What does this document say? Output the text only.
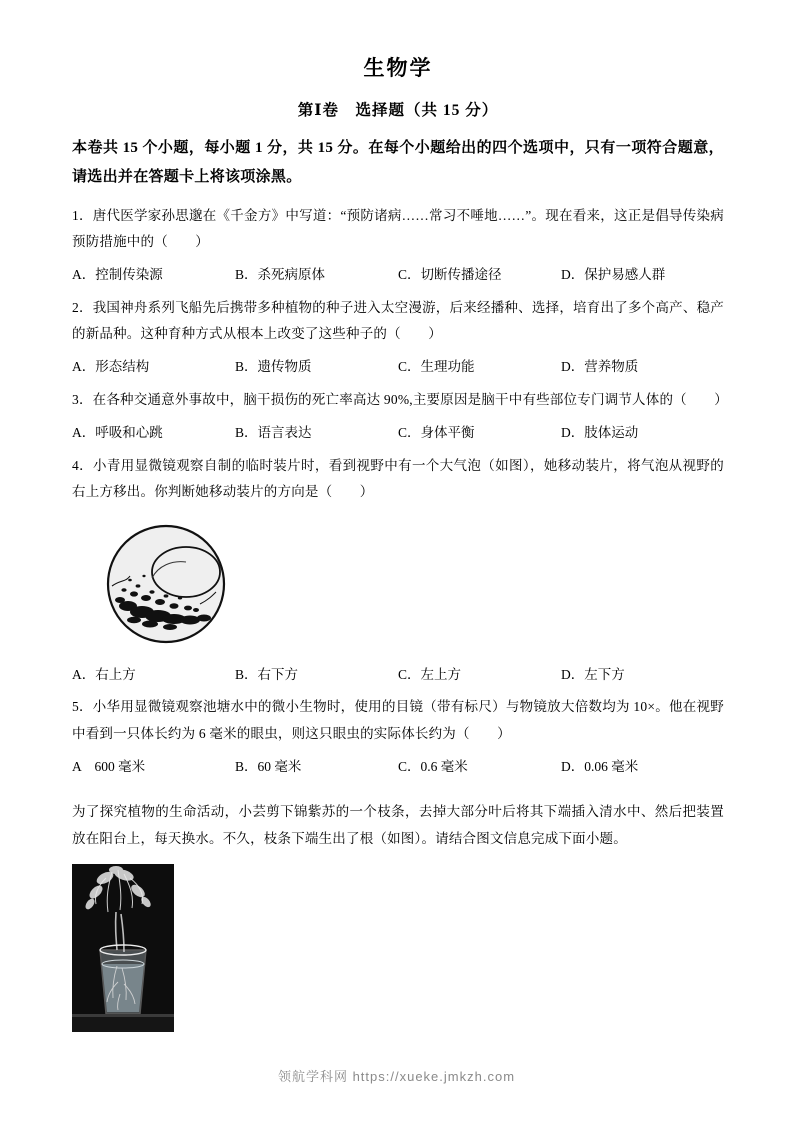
生物学
第Ⅰ卷　选择题（共 15 分）
本卷共 15 个小题，每小题 1 分，共 15 分。在每个小题给出的四个选项中，只有一项符合题意，请选出并在答题卡上将该项涂黑。
1．唐代医学家孙思邈在《千金方》中写道：“预防诸病……常习不唾地……”。现在看来，这正是倡导传染病预防措施中的（　　）
A．控制传染源	B．杀死病原体	C．切断传播途径	D．保护易感人群
2．我国神舟系列飞船先后携带多种植物的种子进入太空漫游，后来经播种、选择，培育出了多个高产、稳产的新品种。这种育种方式从根本上改变了这些种子的（　　）
A．形态结构	B．遗传物质	C．生理功能	D．营养物质
3．在各种交通意外事故中，脑干损伤的死亡率高达 90%,主要原因是脑干中有些部位专门调节人体的（　　）
A．呼吸和心跳	B．语言表达	C．身体平衡	D．肢体运动
4．小青用显微镜观察自制的临时装片时，看到视野中有一个大气泡（如图），她移动装片，将气泡从视野的右上方移出。你判断她移动装片的方向是（　　）
A．右上方	B．右下方	C．左上方	D．左下方
5．小华用显微镜观察池塘水中的微小生物时，使用的目镜（带有标尺）与物镜放大倍数均为 10×。他在视野中看到一只体长约为 6 毫米的眼虫，则这只眼虫的实际体长约为（　　）
A　600 毫米	B．60 毫米	C．0.6 毫米	D．0.06 毫米
为了探究植物的生命活动，小芸剪下锦紫苏的一个枝条，去掉大部分叶后将其下端插入清水中、然后把装置放在阳台上，每天换水。不久，枝条下端生出了根（如图）。请结合图文信息完成下面小题。
领航学科网 https://xueke.jmkzh.com
